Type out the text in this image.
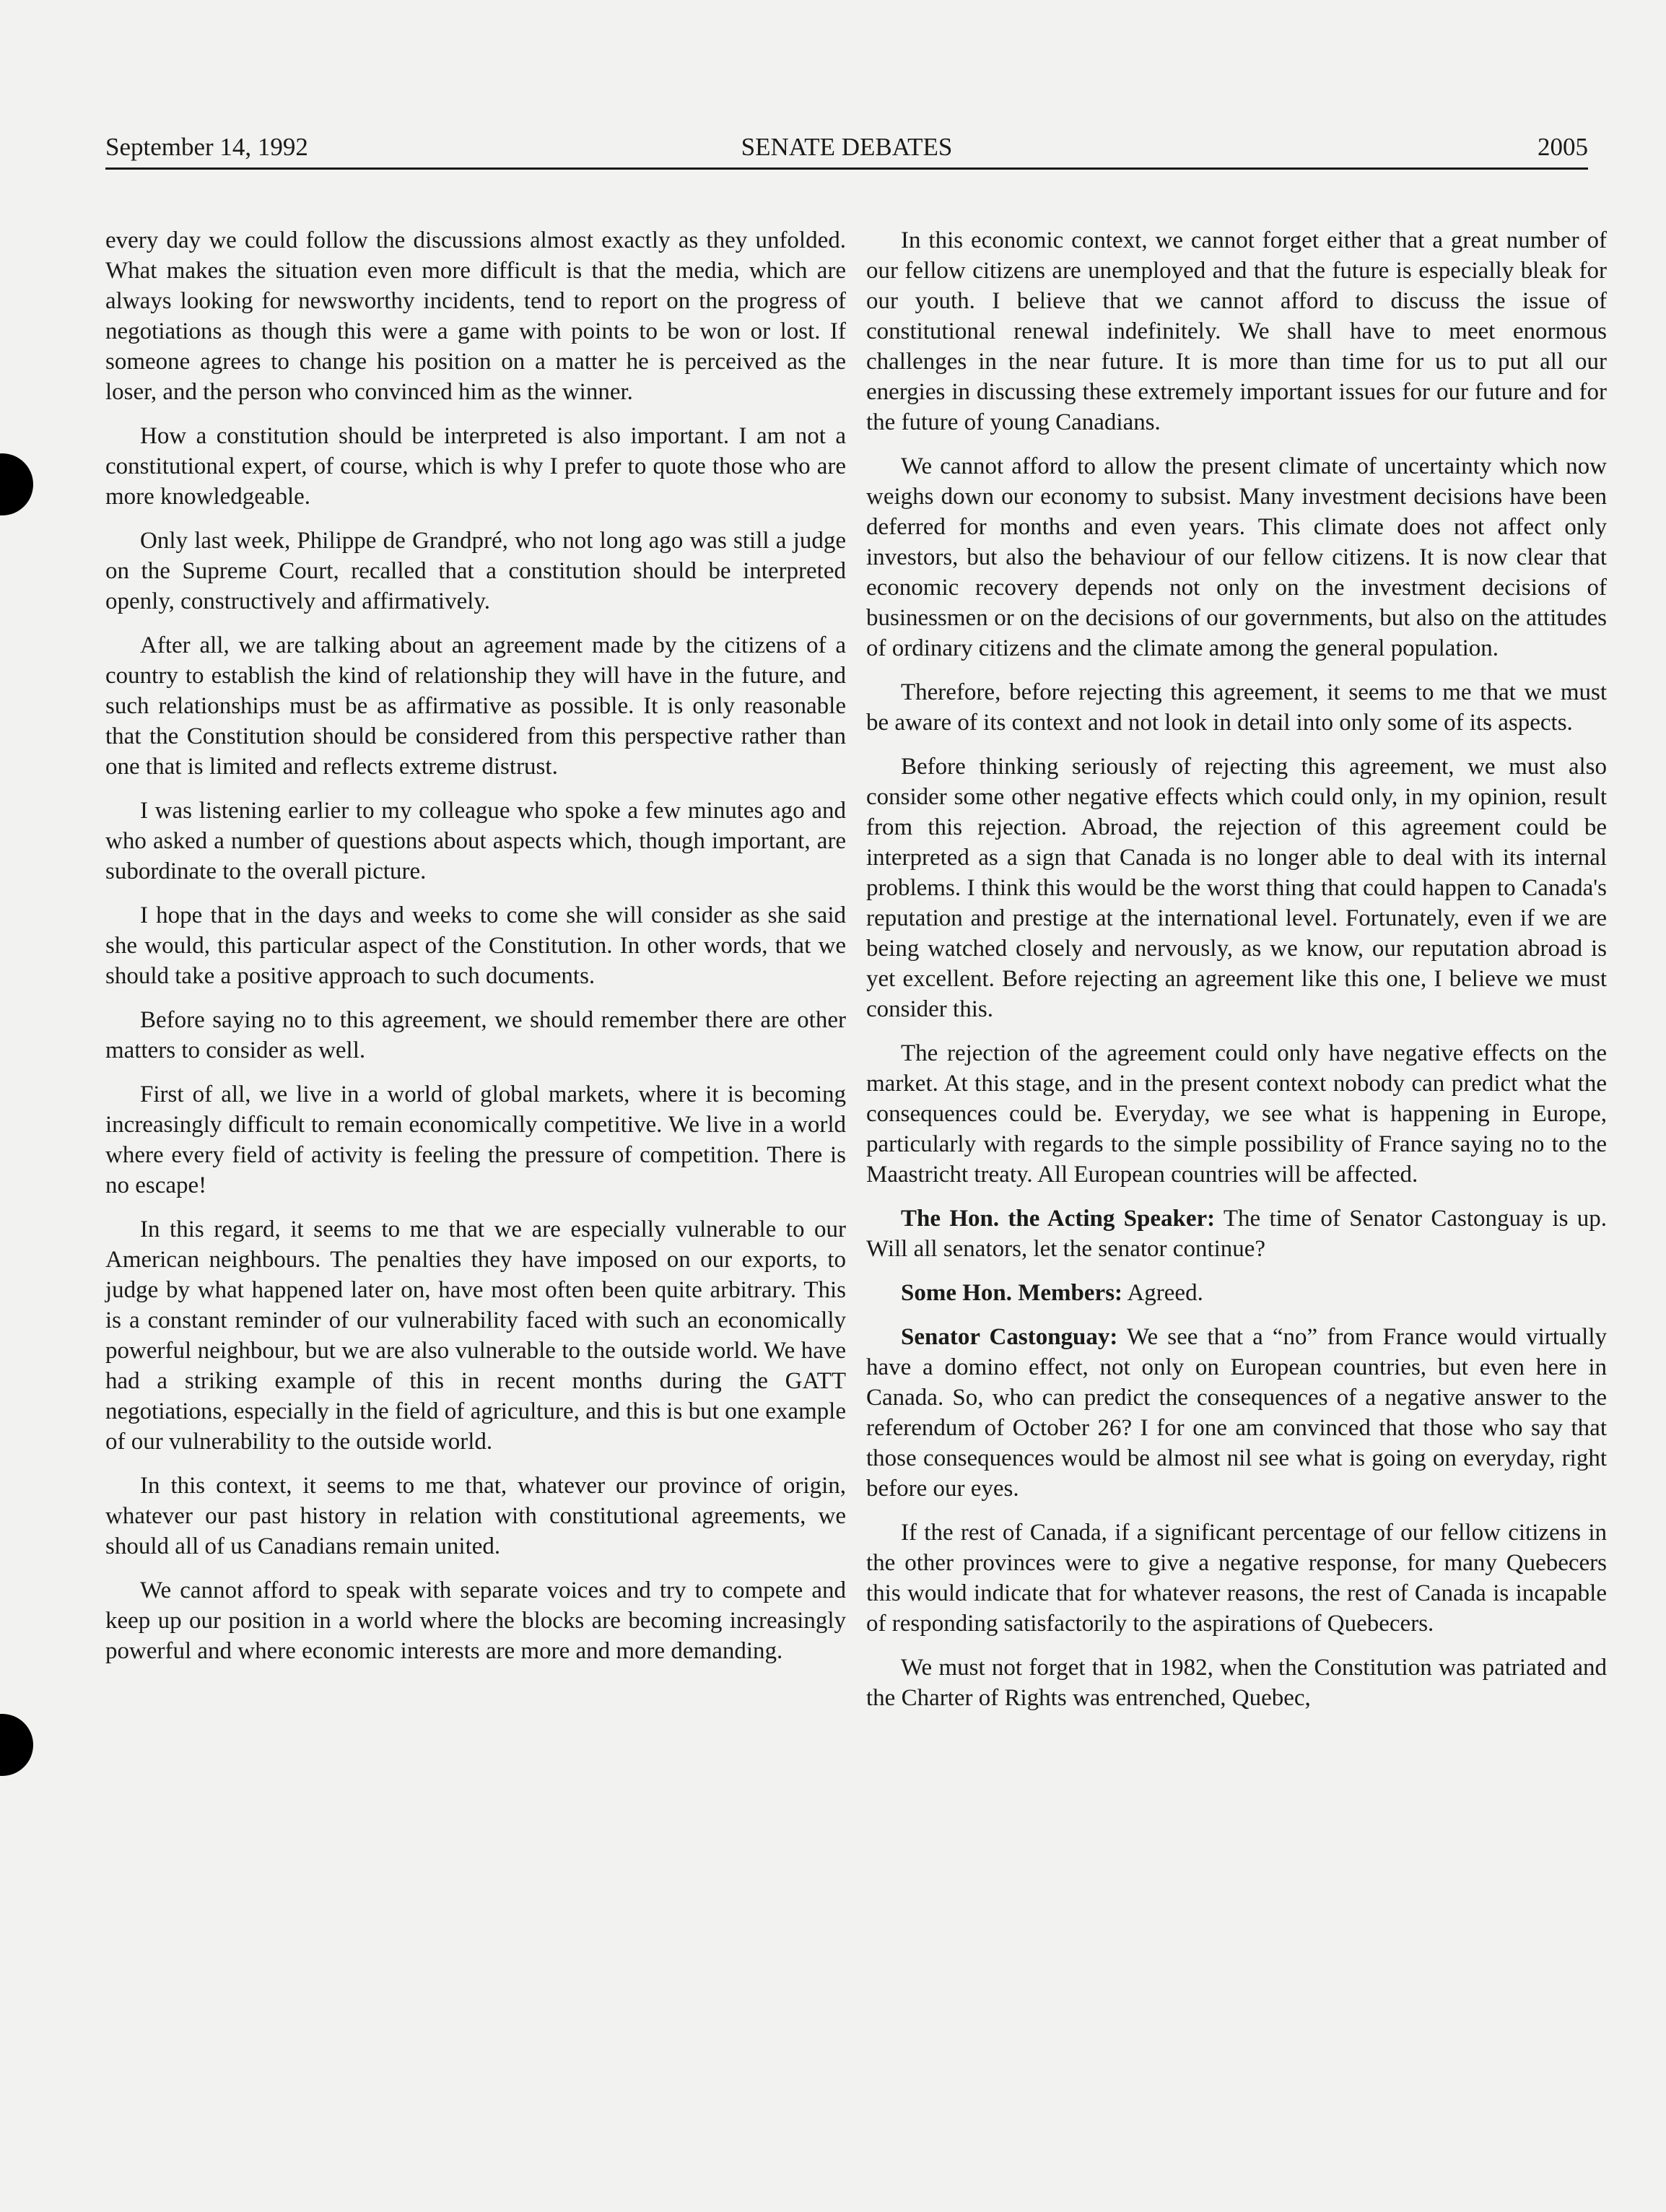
September 14, 1992	SENATE DEBATES	2005

every day we could follow the discussions almost exactly as they unfolded. What makes the situation even more difficult is that the media, which are always looking for newsworthy incidents, tend to report on the progress of negotiations as though this were a game with points to be won or lost. If someone agrees to change his position on a matter he is perceived as the loser, and the person who convinced him as the winner.

How a constitution should be interpreted is also important. I am not a constitutional expert, of course, which is why I prefer to quote those who are more knowledgeable.

Only last week, Philippe de Grandpré, who not long ago was still a judge on the Supreme Court, recalled that a constitution should be interpreted openly, constructively and affirmatively.

After all, we are talking about an agreement made by the citizens of a country to establish the kind of relationship they will have in the future, and such relationships must be as affirmative as possible. It is only reasonable that the Constitution should be considered from this perspective rather than one that is limited and reflects extreme distrust.

I was listening earlier to my colleague who spoke a few minutes ago and who asked a number of questions about aspects which, though important, are subordinate to the overall picture.

I hope that in the days and weeks to come she will consider as she said she would, this particular aspect of the Constitution. In other words, that we should take a positive approach to such documents.

Before saying no to this agreement, we should remember there are other matters to consider as well.

First of all, we live in a world of global markets, where it is becoming increasingly difficult to remain economically competitive. We live in a world where every field of activity is feeling the pressure of competition. There is no escape!

In this regard, it seems to me that we are especially vulnerable to our American neighbours. The penalties they have imposed on our exports, to judge by what happened later on, have most often been quite arbitrary. This is a constant reminder of our vulnerability faced with such an economically powerful neighbour, but we are also vulnerable to the outside world. We have had a striking example of this in recent months during the GATT negotiations, especially in the field of agriculture, and this is but one example of our vulnerability to the outside world.

In this context, it seems to me that, whatever our province of origin, whatever our past history in relation with constitutional agreements, we should all of us Canadians remain united.

We cannot afford to speak with separate voices and try to compete and keep up our position in a world where the blocks are becoming increasingly powerful and where economic interests are more and more demanding.

In this economic context, we cannot forget either that a great number of our fellow citizens are unemployed and that the future is especially bleak for our youth. I believe that we cannot afford to discuss the issue of constitutional renewal indefinitely. We shall have to meet enormous challenges in the near future. It is more than time for us to put all our energies in discussing these extremely important issues for our future and for the future of young Canadians.

We cannot afford to allow the present climate of uncertainty which now weighs down our economy to subsist. Many investment decisions have been deferred for months and even years. This climate does not affect only investors, but also the behaviour of our fellow citizens. It is now clear that economic recovery depends not only on the investment decisions of businessmen or on the decisions of our governments, but also on the attitudes of ordinary citizens and the climate among the general population.

Therefore, before rejecting this agreement, it seems to me that we must be aware of its context and not look in detail into only some of its aspects.

Before thinking seriously of rejecting this agreement, we must also consider some other negative effects which could only, in my opinion, result from this rejection. Abroad, the rejection of this agreement could be interpreted as a sign that Canada is no longer able to deal with its internal problems. I think this would be the worst thing that could happen to Canada's reputation and prestige at the international level. Fortunately, even if we are being watched closely and nervously, as we know, our reputation abroad is yet excellent. Before rejecting an agreement like this one, I believe we must consider this.

The rejection of the agreement could only have negative effects on the market. At this stage, and in the present context nobody can predict what the consequences could be. Everyday, we see what is happening in Europe, particularly with regards to the simple possibility of France saying no to the Maastricht treaty. All European countries will be affected.

The Hon. the Acting Speaker: The time of Senator Castonguay is up. Will all senators, let the senator continue?

Some Hon. Members: Agreed.

Senator Castonguay: We see that a “no” from France would virtually have a domino effect, not only on European countries, but even here in Canada. So, who can predict the consequences of a negative answer to the referendum of October 26? I for one am convinced that those who say that those consequences would be almost nil see what is going on everyday, right before our eyes.

If the rest of Canada, if a significant percentage of our fellow citizens in the other provinces were to give a negative response, for many Quebecers this would indicate that for whatever reasons, the rest of Canada is incapable of responding satisfactorily to the aspirations of Quebecers.

We must not forget that in 1982, when the Constitution was patriated and the Charter of Rights was entrenched, Quebec,
